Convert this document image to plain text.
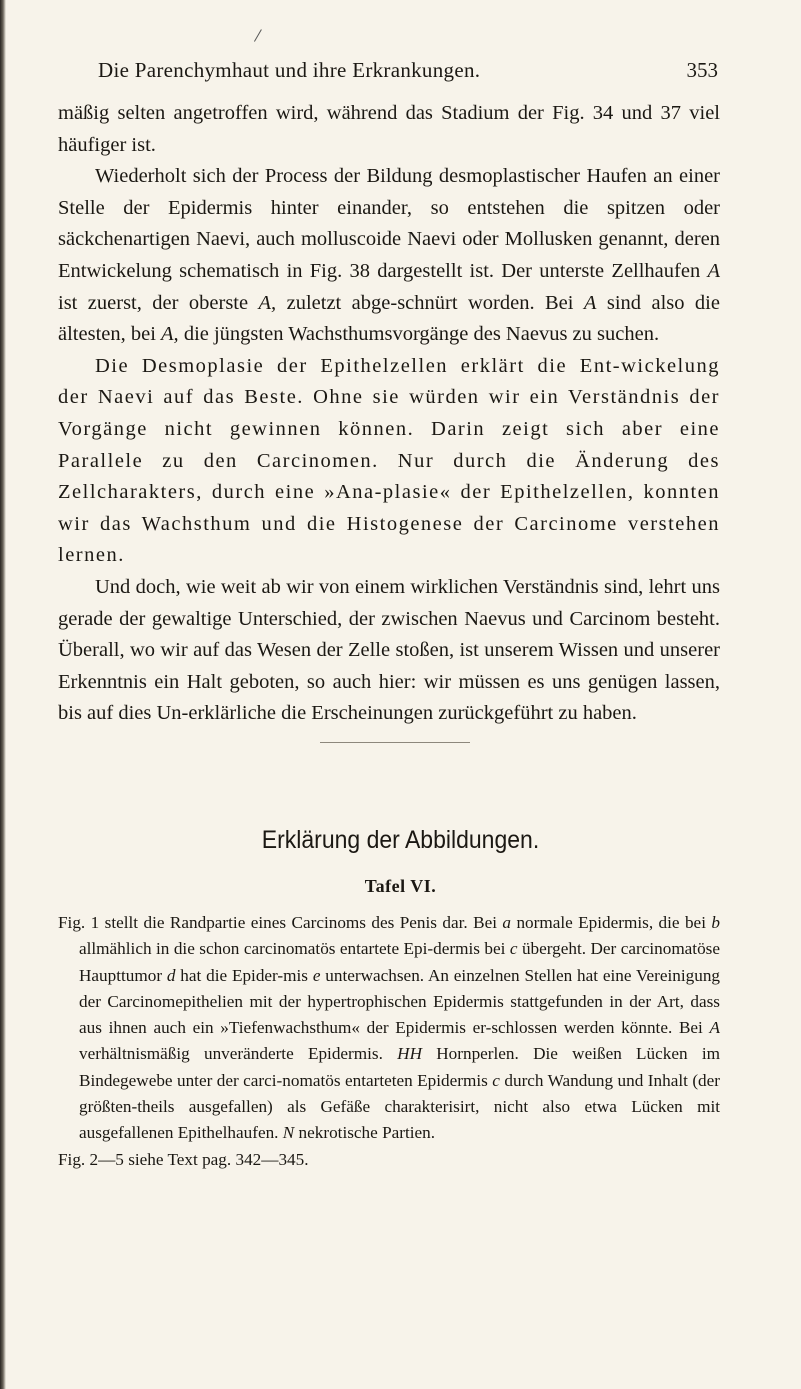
Die Parenchymhaut und ihre Erkrankungen.	353

mäßig selten angetroffen wird, während das Stadium der Fig. 34 und 37 viel häufiger ist.

Wiederholt sich der Process der Bildung desmoplastischer Haufen an einer Stelle der Epidermis hinter einander, so entstehen die spitzen oder säckchenartigen Naevi, auch molluscoide Naevi oder Mollusken genannt, deren Entwickelung schematisch in Fig. 38 dargestellt ist. Der unterste Zellhaufen A ist zuerst, der oberste A, zuletzt abge-schnürt worden. Bei A sind also die ältesten, bei A, die jüngsten Wachsthumsvorgänge des Naevus zu suchen.

Die Desmoplasie der Epithelzellen erklärt die Ent-wickelung der Naevi auf das Beste. Ohne sie würden wir ein Verständnis der Vorgänge nicht gewinnen können. Darin zeigt sich aber eine Parallele zu den Carcinomen. Nur durch die Änderung des Zellcharakters, durch eine »Ana-plasie« der Epithelzellen, konnten wir das Wachsthum und die Histogenese der Carcinome verstehen lernen.

Und doch, wie weit ab wir von einem wirklichen Verständnis sind, lehrt uns gerade der gewaltige Unterschied, der zwischen Naevus und Carcinom besteht. Überall, wo wir auf das Wesen der Zelle stoßen, ist unserem Wissen und unserer Erkenntnis ein Halt geboten, so auch hier: wir müssen es uns genügen lassen, bis auf dies Un-erklärliche die Erscheinungen zurückgeführt zu haben.

Erklärung der Abbildungen.
Tafel VI.

Fig. 1 stellt die Randpartie eines Carcinoms des Penis dar. Bei a normale Epidermis, die bei b allmählich in die schon carcinomatös entartete Epi-dermis bei c übergeht. Der carcinomatöse Haupttumor d hat die Epider-mis e unterwachsen. An einzelnen Stellen hat eine Vereinigung der Carcinomepithelien mit der hypertrophischen Epidermis stattgefunden in der Art, dass aus ihnen auch ein »Tiefenwachsthum« der Epidermis er-schlossen werden könnte. Bei A verhältnismäßig unveränderte Epidermis. HH Hornperlen. Die weißen Lücken im Bindegewebe unter der carci-nomatös entarteten Epidermis c durch Wandung und Inhalt (der größten-theils ausgefallen) als Gefäße charakterisirt, nicht also etwa Lücken mit ausgefallenen Epithelhaufen. N nekrotische Partien.

Fig. 2—5 siehe Text pag. 342—345.
